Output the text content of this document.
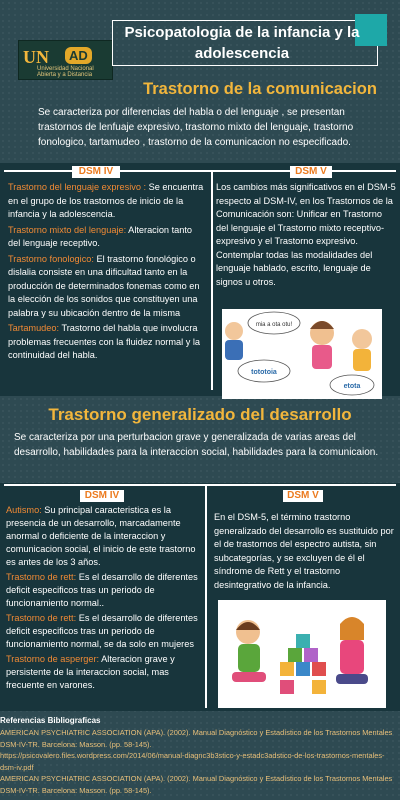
UN	AD
Universidad Nacional
Abierta y a Distancia
Psicopatologia de la infancia y la adolescencia
Trastorno de la comunicacion
Se caracteriza por diferencias del habla o del lenguaje , se presentan trastornos de lenfuaje expresivo, trastorno mixto del lenguaje, trastorno fonologico, tartamudeo , trastorno de la comunicacion no especificado.
DSM IV	DSM V

Trastorno del lenguaje expresivo : Se encuentra en el grupo de los trastornos de inicio de la infancia y la adolescencia.

Trastorno mixto del lenguaje: Alteracion tanto del lenguaje receptivo.

Trastorno fonologico: El trastorno fonológico o dislalia consiste en una dificultad tanto en la producción de determinados fonemas como en la elección de los sonidos que constituyen una palabra y su ubicación dentro de la misma

Tartamudeo: Trastorno del habla que involucra problemas frecuentes con la fluidez normal y la continuidad del habla.

Los cambios más significativos en el DSM-5 respecto al DSM-IV, en los Trastornos de la Comunicación son: Unificar en Trastorno del lenguaje el Trastorno mixto receptivo-expresivo y el Trastorno expresivo. Contemplar todas las modalidades del lenguaje hablado, escrito, lenguaje de signos u otros.
mia a ota otu!
tototoia
etota
Trastorno generalizado del desarrollo
Se caracteriza por una perturbacion grave y generalizada de varias areas del desarrollo, habilidades para la interaccion social, habilidades para la comunicaion.
DSM IV	DSM V

Autismo: Su principal caracteristica es la presencia de un desarrollo, marcadamente anormal o deficiente de la interaccion y comunicacion social, el inicio de este trastorno es antes de los 3 años.

Trastorno de rett: Es el desarrollo de diferentes deficit especificos tras un periodo de funcionamiento normal..

Trastorno de rett: Es el desarrollo de diferentes deficit especificos tras un periodo de funcionamiento normal, se da solo en mujeres

Trastorno de asperger: Alteracion grave y persistente de la interaccion social, mas frecuente en varones.

En el DSM-5, el término trastorno generalizado del desarrollo es sustituido por el de trastornos del espectro autista, sin subcategorías, y se excluyen de él el síndrome de Rett y el trastorno desintegrativo de la infancia.
Referencias Bibliograficas
AMERICAN PSYCHIATRIC ASSOCIATION (APA). (2002). Manual Diagnóstico y Estadístico de los Trastornos Mentales DSM-IV-TR. Barcelona: Masson. (pp. 58-145).
https://psicovalero.files.wordpress.com/2014/06/manual-diagnc3b3stico-y-estadc3adstico-de-los-trastornos-mentales-dsm-iv.pdf
AMERICAN PSYCHIATRIC ASSOCIATION (APA). (2002). Manual Diagnóstico y Estadístico de los Trastornos Mentales DSM-IV-TR. Barcelona: Masson. (pp. 58-145).
